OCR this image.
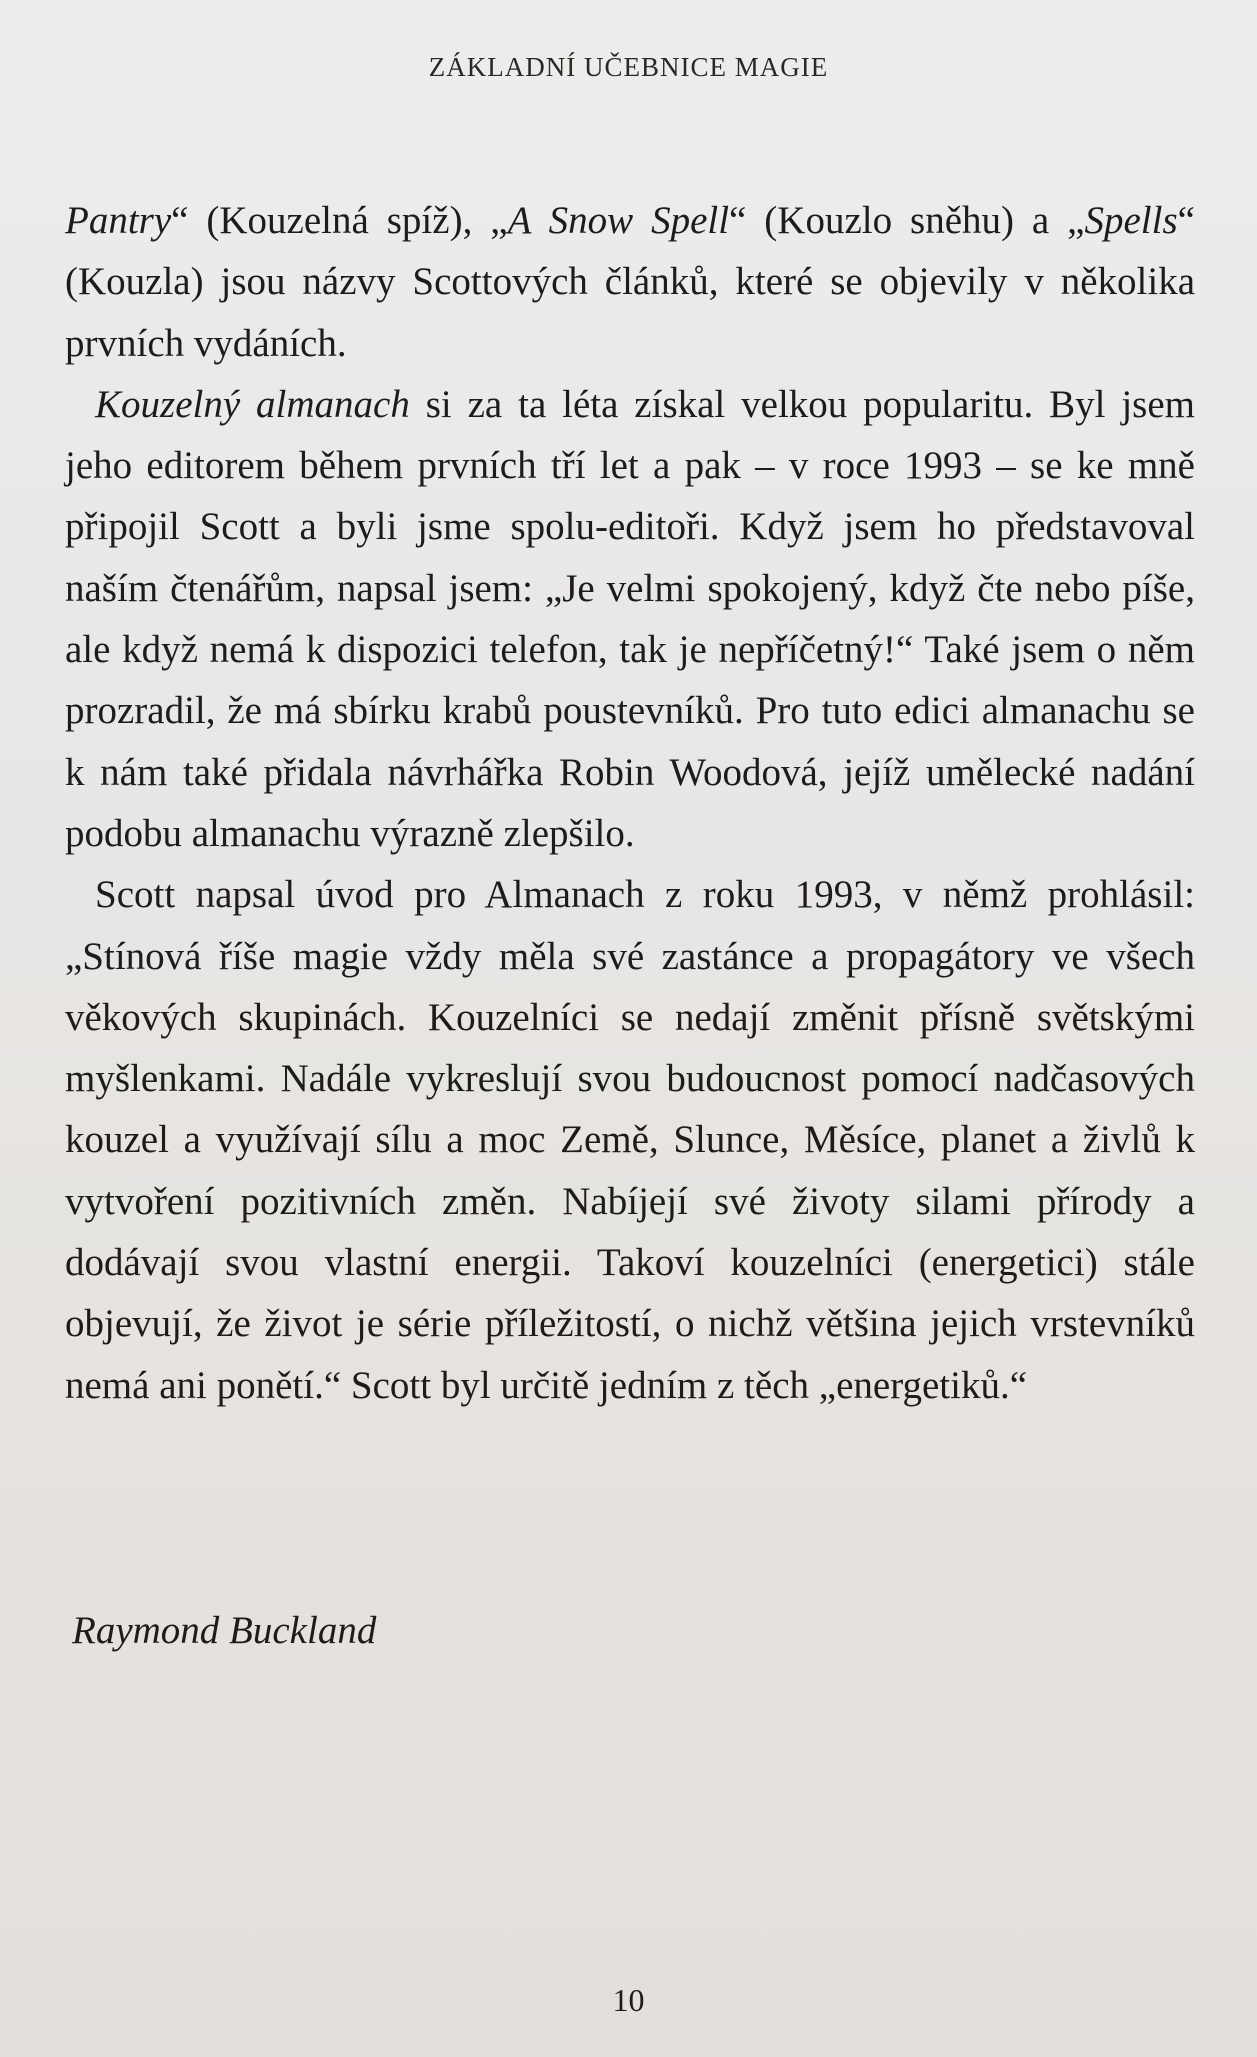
ZÁKLADNÍ UČEBNICE MAGIE

Pantry“ (Kouzelná spíž), „A Snow Spell“ (Kouzlo sněhu) a „Spells“ (Kouzla) jsou názvy Scottových článků, které se objevily v několika prvních vydáních.

Kouzelný almanach si za ta léta získal velkou popularitu. Byl jsem jeho editorem během prvních tří let a pak – v roce 1993 – se ke mně připojil Scott a byli jsme spolu-editoři. Když jsem ho představoval naším čtenářům, napsal jsem: „Je velmi spokojený, když čte nebo píše, ale když nemá k dispozici telefon, tak je nepříčetný!“ Také jsem o něm prozradil, že má sbírku krabů poustevníků. Pro tuto edici almanachu se k nám také přidala návrhářka Robin Woodová, jejíž umělecké nadání podobu almanachu výrazně zlepšilo.

Scott napsal úvod pro Almanach z roku 1993, v němž prohlásil: „Stínová říše magie vždy měla své zastánce a propagátory ve všech věkových skupinách. Kouzelníci se nedají změnit přísně světskými myšlenkami. Nadále vykreslují svou budoucnost pomocí nadčasových kouzel a využívají sílu a moc Země, Slunce, Měsíce, planet a živlů k vytvoření pozitivních změn. Nabíjejí své životy silami přírody a dodávají svou vlastní energii. Takoví kouzelníci (energetici) stále objevují, že život je série příležitostí, o nichž většina jejich vrstevníků nemá ani ponětí.“ Scott byl určitě jedním z těch „energetiků.“

Raymond Buckland
10
